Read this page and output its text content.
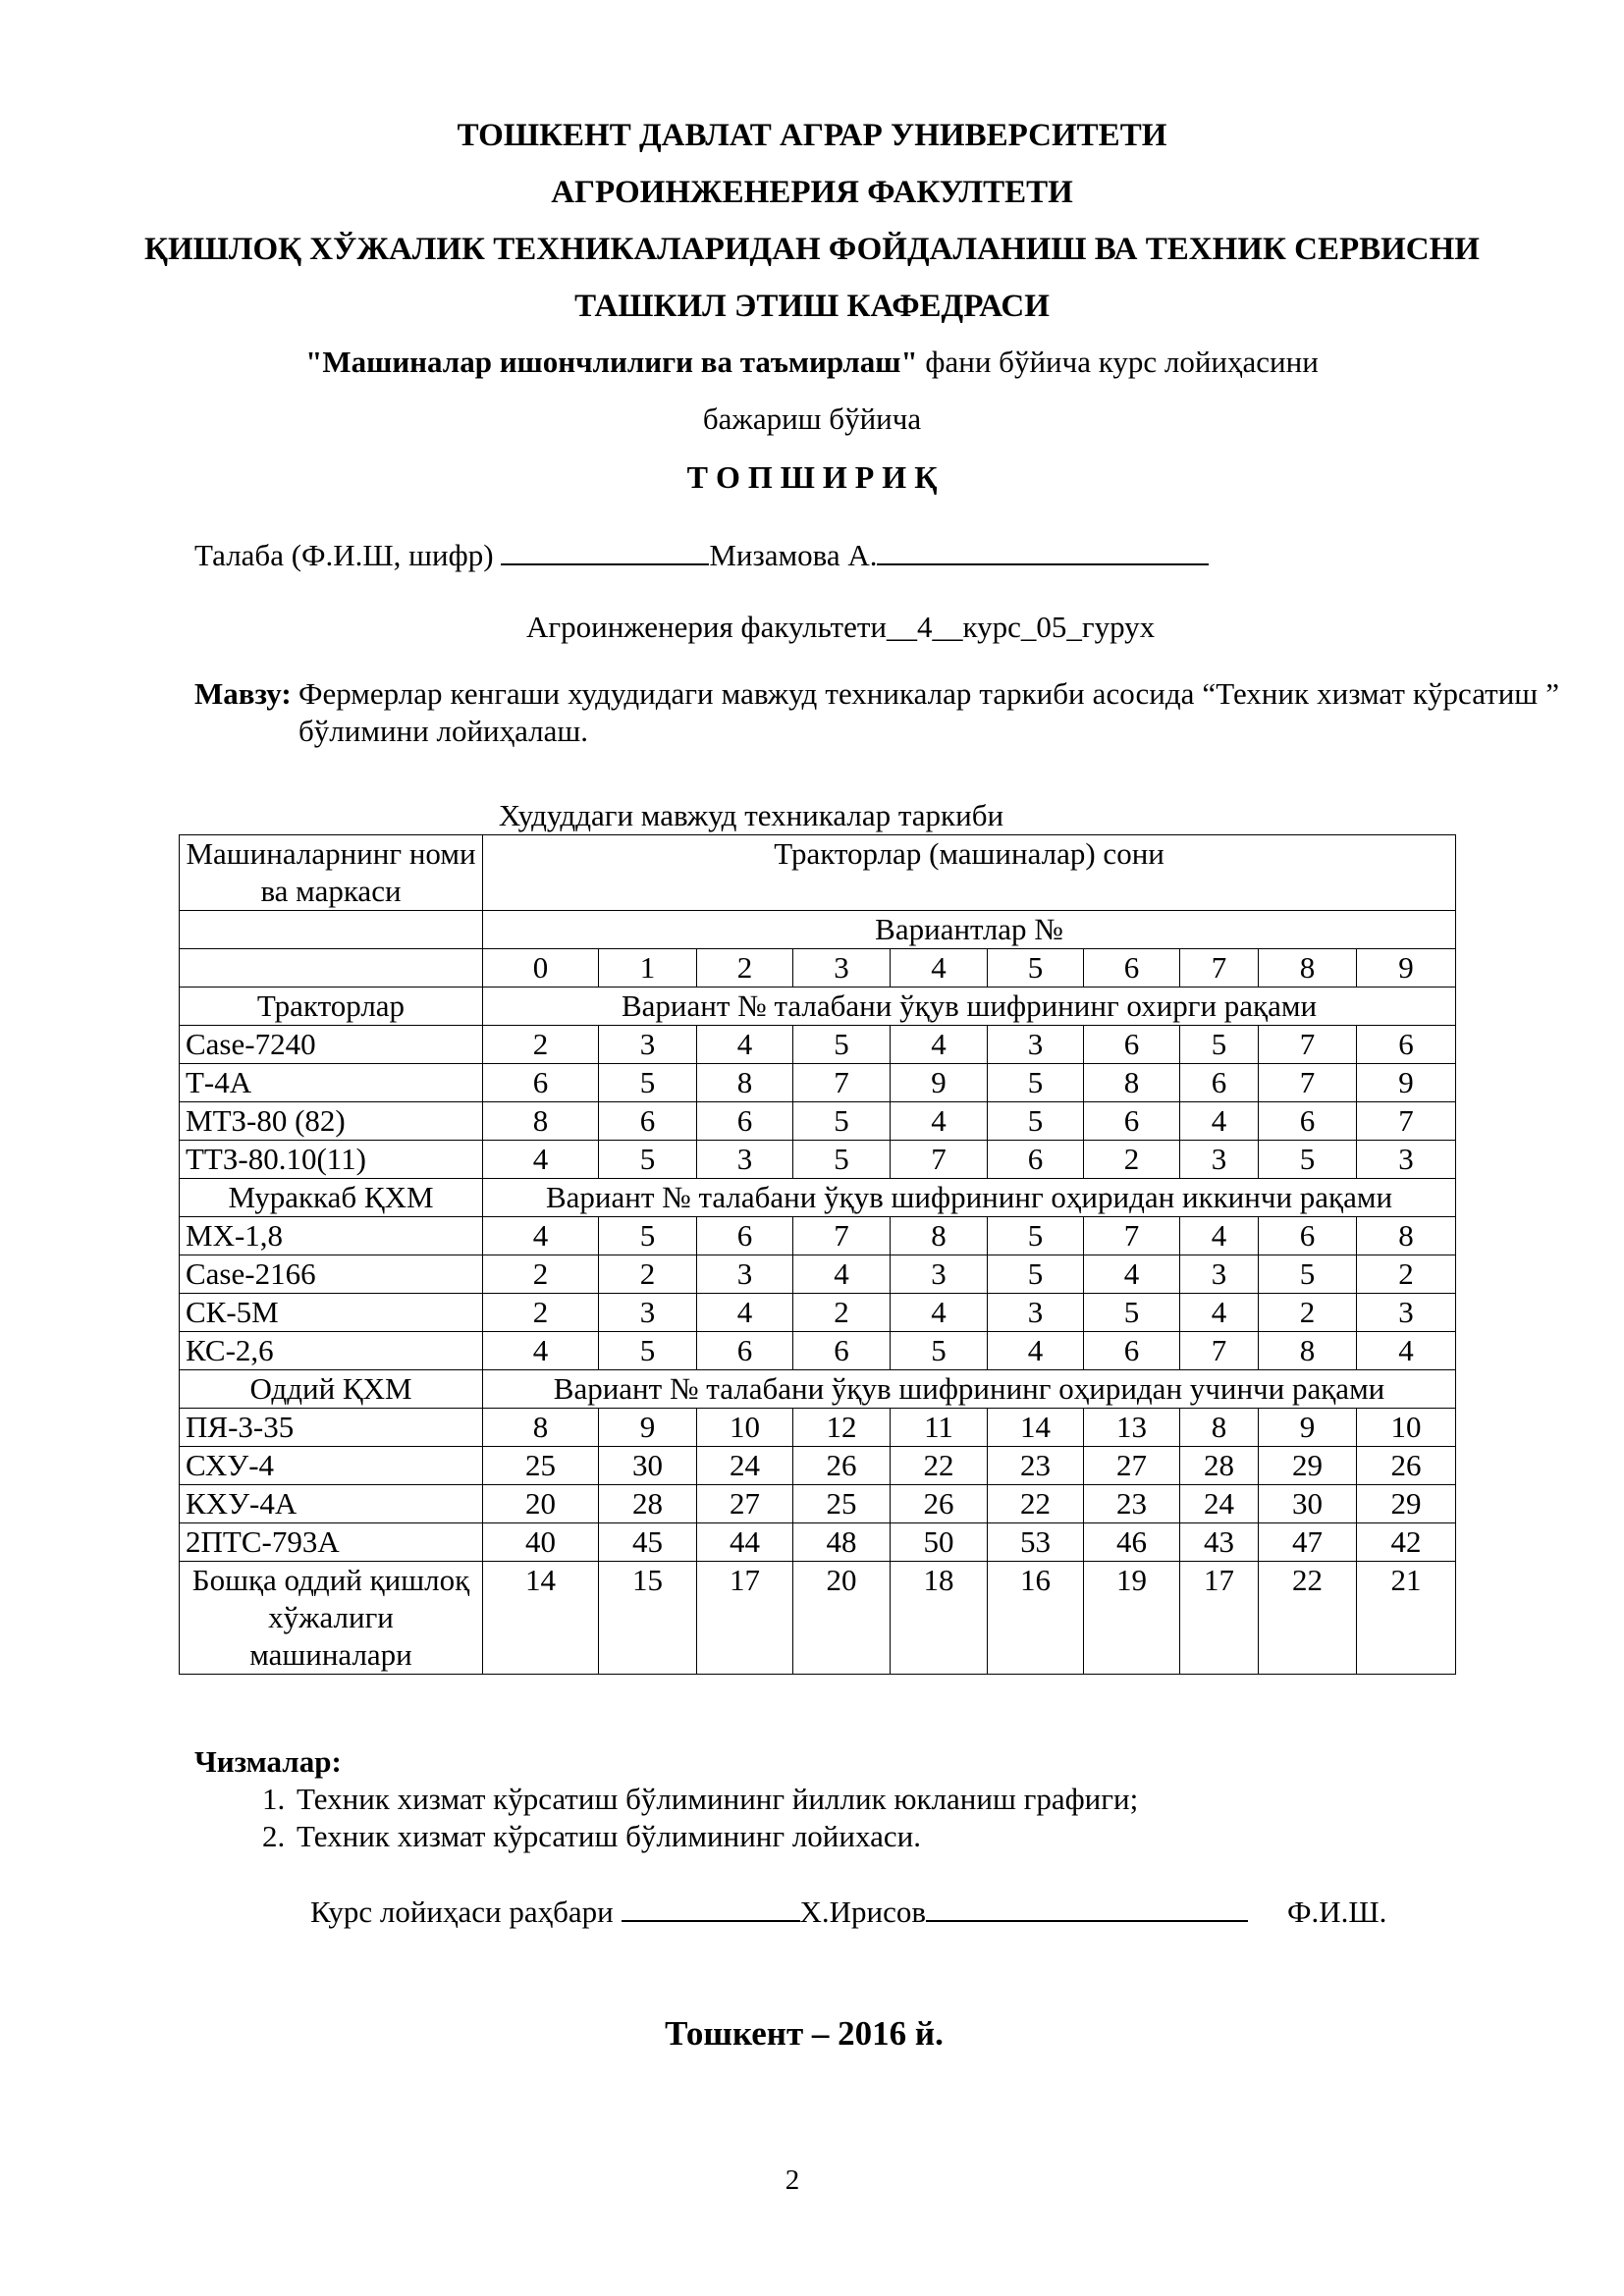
ТОШКЕНТ ДАВЛАТ АГРАР УНИВЕРСИТЕТИ
АГРОИНЖЕНЕРИЯ ФАКУЛТЕТИ
ҚИШЛОҚ ХЎЖАЛИК ТЕХНИКАЛАРИДАН ФОЙДАЛАНИШ ВА ТЕХНИК СЕРВИСНИ
ТАШКИЛ ЭТИШ КАФЕДРАСИ
"Машиналар ишончлилиги ва таъмирлаш" фани бўйича курс лойиҳасини
бажариш бўйича
Т О П Ш И Р И Қ
Талаба (Ф.И.Ш, шифр)	Мизамова А.
Агроинженерия факультети__4__курс_05_гурух
Мавзу: Фермерлар кенгаши худудидаги мавжуд техникалар таркиби асосида “Техник хизмат кўрсатиш ” бўлимини лойиҳалаш.
Худуддаги мавжуд техникалар таркиби
Машиналарнинг номи ва маркаси	Тракторлар (машиналар) сони									
	Вариантлар №									
	0	1	2	3	4	5	6	7	8	9
Тракторлар	Вариант № талабани ўқув шифрининг охирги рақами									
Case-7240	2	3	4	5	4	3	6	5	7	6
Т-4А	6	5	8	7	9	5	8	6	7	9
МТЗ-80 (82)	8	6	6	5	4	5	6	4	6	7
ТТЗ-80.10(11)	4	5	3	5	7	6	2	3	5	3
Мураккаб ҚХМ	Вариант № талабани ўқув шифрининг оҳиридан иккинчи рақами									
МХ-1,8	4	5	6	7	8	5	7	4	6	8
Case-2166	2	2	3	4	3	5	4	3	5	2
СК-5М	2	3	4	2	4	3	5	4	2	3
КС-2,6	4	5	6	6	5	4	6	7	8	4
Оддий ҚХМ	Вариант № талабани ўқув шифрининг оҳиридан учинчи рақами									
ПЯ-3-35	8	9	10	12	11	14	13	8	9	10
СХУ-4	25	30	24	26	22	23	27	28	29	26
КХУ-4А	20	28	27	25	26	22	23	24	30	29
2ПТС-793А	40	45	44	48	50	53	46	43	47	42
Бошқа оддий қишлоқ хўжалиги машиналари	14	15	17	20	18	16	19	17	22	21
Чизмалар:
1. Техник хизмат кўрсатиш бўлимининг йиллик юкланиш графиги;
2. Техник хизмат кўрсатиш бўлимининг лойихаси.
Курс лойиҳаси раҳбари	Х.Ирисов	Ф.И.Ш.
Тошкент – 2016 й.
2
